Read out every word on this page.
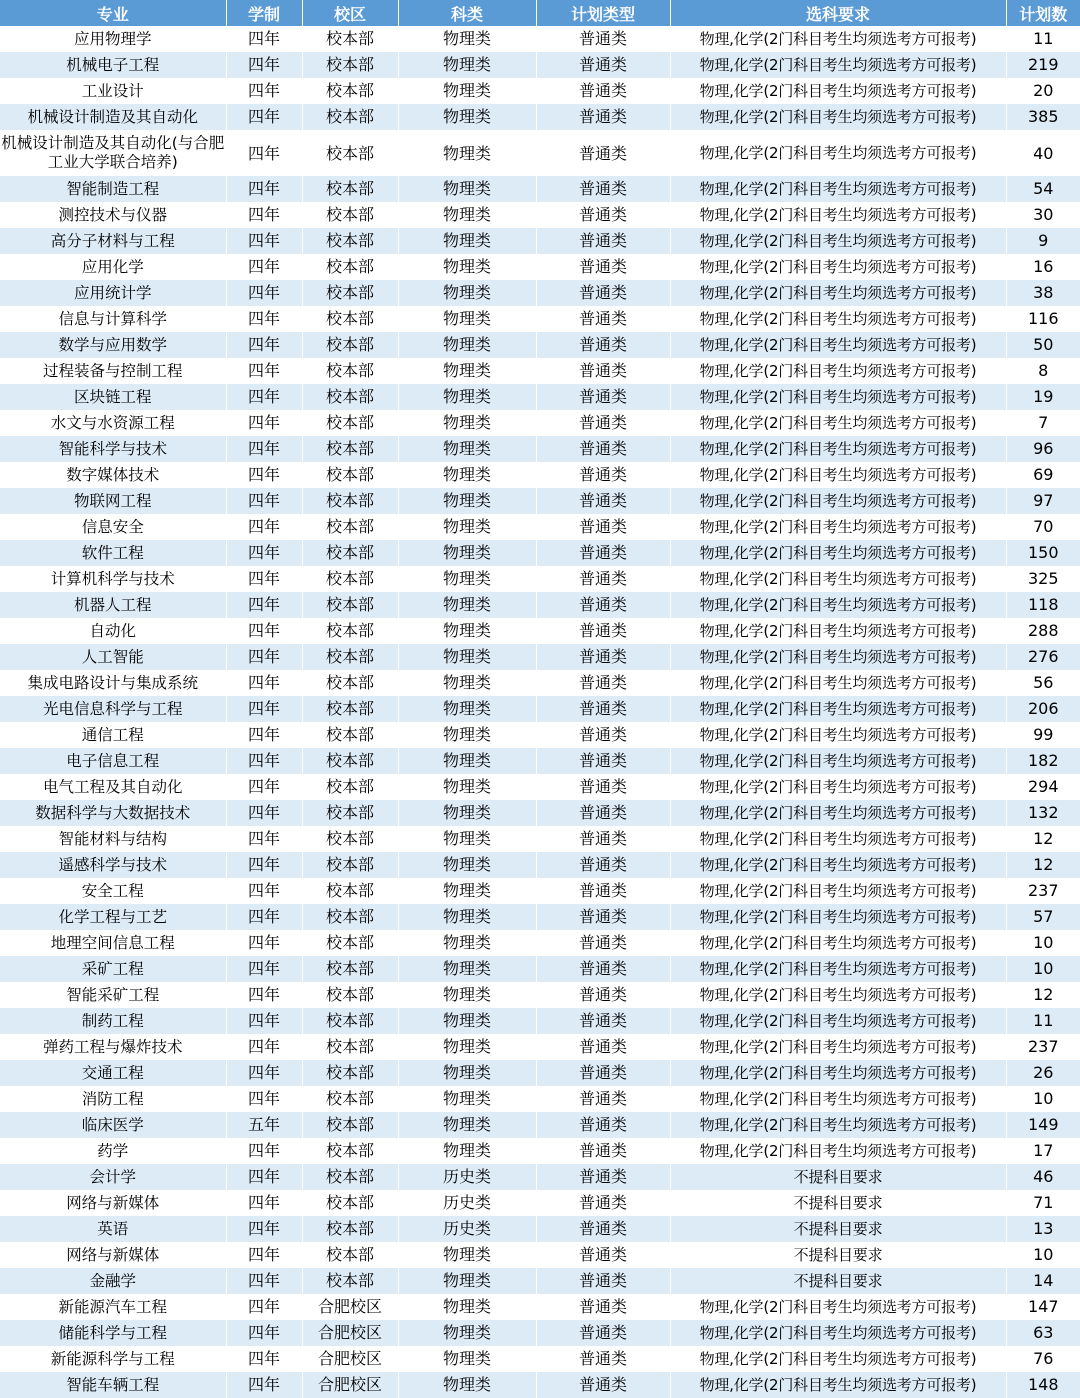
专业	学制	校区	科类	计划类型	选科要求	计划数
应用物理学	四年	校本部	物理类	普通类	物理,化学(2门科目考生均须选考方可报考)	11
机械电子工程	四年	校本部	物理类	普通类	物理,化学(2门科目考生均须选考方可报考)	219
工业设计	四年	校本部	物理类	普通类	物理,化学(2门科目考生均须选考方可报考)	20
机械设计制造及其自动化	四年	校本部	物理类	普通类	物理,化学(2门科目考生均须选考方可报考)	385
机械设计制造及其自动化(与合肥工业大学联合培养)	四年	校本部	物理类	普通类	物理,化学(2门科目考生均须选考方可报考)	40
智能制造工程	四年	校本部	物理类	普通类	物理,化学(2门科目考生均须选考方可报考)	54
测控技术与仪器	四年	校本部	物理类	普通类	物理,化学(2门科目考生均须选考方可报考)	30
高分子材料与工程	四年	校本部	物理类	普通类	物理,化学(2门科目考生均须选考方可报考)	9
应用化学	四年	校本部	物理类	普通类	物理,化学(2门科目考生均须选考方可报考)	16
应用统计学	四年	校本部	物理类	普通类	物理,化学(2门科目考生均须选考方可报考)	38
信息与计算科学	四年	校本部	物理类	普通类	物理,化学(2门科目考生均须选考方可报考)	116
数学与应用数学	四年	校本部	物理类	普通类	物理,化学(2门科目考生均须选考方可报考)	50
过程装备与控制工程	四年	校本部	物理类	普通类	物理,化学(2门科目考生均须选考方可报考)	8
区块链工程	四年	校本部	物理类	普通类	物理,化学(2门科目考生均须选考方可报考)	19
水文与水资源工程	四年	校本部	物理类	普通类	物理,化学(2门科目考生均须选考方可报考)	7
智能科学与技术	四年	校本部	物理类	普通类	物理,化学(2门科目考生均须选考方可报考)	96
数字媒体技术	四年	校本部	物理类	普通类	物理,化学(2门科目考生均须选考方可报考)	69
物联网工程	四年	校本部	物理类	普通类	物理,化学(2门科目考生均须选考方可报考)	97
信息安全	四年	校本部	物理类	普通类	物理,化学(2门科目考生均须选考方可报考)	70
软件工程	四年	校本部	物理类	普通类	物理,化学(2门科目考生均须选考方可报考)	150
计算机科学与技术	四年	校本部	物理类	普通类	物理,化学(2门科目考生均须选考方可报考)	325
机器人工程	四年	校本部	物理类	普通类	物理,化学(2门科目考生均须选考方可报考)	118
自动化	四年	校本部	物理类	普通类	物理,化学(2门科目考生均须选考方可报考)	288
人工智能	四年	校本部	物理类	普通类	物理,化学(2门科目考生均须选考方可报考)	276
集成电路设计与集成系统	四年	校本部	物理类	普通类	物理,化学(2门科目考生均须选考方可报考)	56
光电信息科学与工程	四年	校本部	物理类	普通类	物理,化学(2门科目考生均须选考方可报考)	206
通信工程	四年	校本部	物理类	普通类	物理,化学(2门科目考生均须选考方可报考)	99
电子信息工程	四年	校本部	物理类	普通类	物理,化学(2门科目考生均须选考方可报考)	182
电气工程及其自动化	四年	校本部	物理类	普通类	物理,化学(2门科目考生均须选考方可报考)	294
数据科学与大数据技术	四年	校本部	物理类	普通类	物理,化学(2门科目考生均须选考方可报考)	132
智能材料与结构	四年	校本部	物理类	普通类	物理,化学(2门科目考生均须选考方可报考)	12
遥感科学与技术	四年	校本部	物理类	普通类	物理,化学(2门科目考生均须选考方可报考)	12
安全工程	四年	校本部	物理类	普通类	物理,化学(2门科目考生均须选考方可报考)	237
化学工程与工艺	四年	校本部	物理类	普通类	物理,化学(2门科目考生均须选考方可报考)	57
地理空间信息工程	四年	校本部	物理类	普通类	物理,化学(2门科目考生均须选考方可报考)	10
采矿工程	四年	校本部	物理类	普通类	物理,化学(2门科目考生均须选考方可报考)	10
智能采矿工程	四年	校本部	物理类	普通类	物理,化学(2门科目考生均须选考方可报考)	12
制药工程	四年	校本部	物理类	普通类	物理,化学(2门科目考生均须选考方可报考)	11
弹药工程与爆炸技术	四年	校本部	物理类	普通类	物理,化学(2门科目考生均须选考方可报考)	237
交通工程	四年	校本部	物理类	普通类	物理,化学(2门科目考生均须选考方可报考)	26
消防工程	四年	校本部	物理类	普通类	物理,化学(2门科目考生均须选考方可报考)	10
临床医学	五年	校本部	物理类	普通类	物理,化学(2门科目考生均须选考方可报考)	149
药学	四年	校本部	物理类	普通类	物理,化学(2门科目考生均须选考方可报考)	17
会计学	四年	校本部	历史类	普通类	不提科目要求	46
网络与新媒体	四年	校本部	历史类	普通类	不提科目要求	71
英语	四年	校本部	历史类	普通类	不提科目要求	13
网络与新媒体	四年	校本部	物理类	普通类	不提科目要求	10
金融学	四年	校本部	物理类	普通类	不提科目要求	14
新能源汽车工程	四年	合肥校区	物理类	普通类	物理,化学(2门科目考生均须选考方可报考)	147
储能科学与工程	四年	合肥校区	物理类	普通类	物理,化学(2门科目考生均须选考方可报考)	63
新能源科学与工程	四年	合肥校区	物理类	普通类	物理,化学(2门科目考生均须选考方可报考)	76
智能车辆工程	四年	合肥校区	物理类	普通类	物理,化学(2门科目考生均须选考方可报考)	148
